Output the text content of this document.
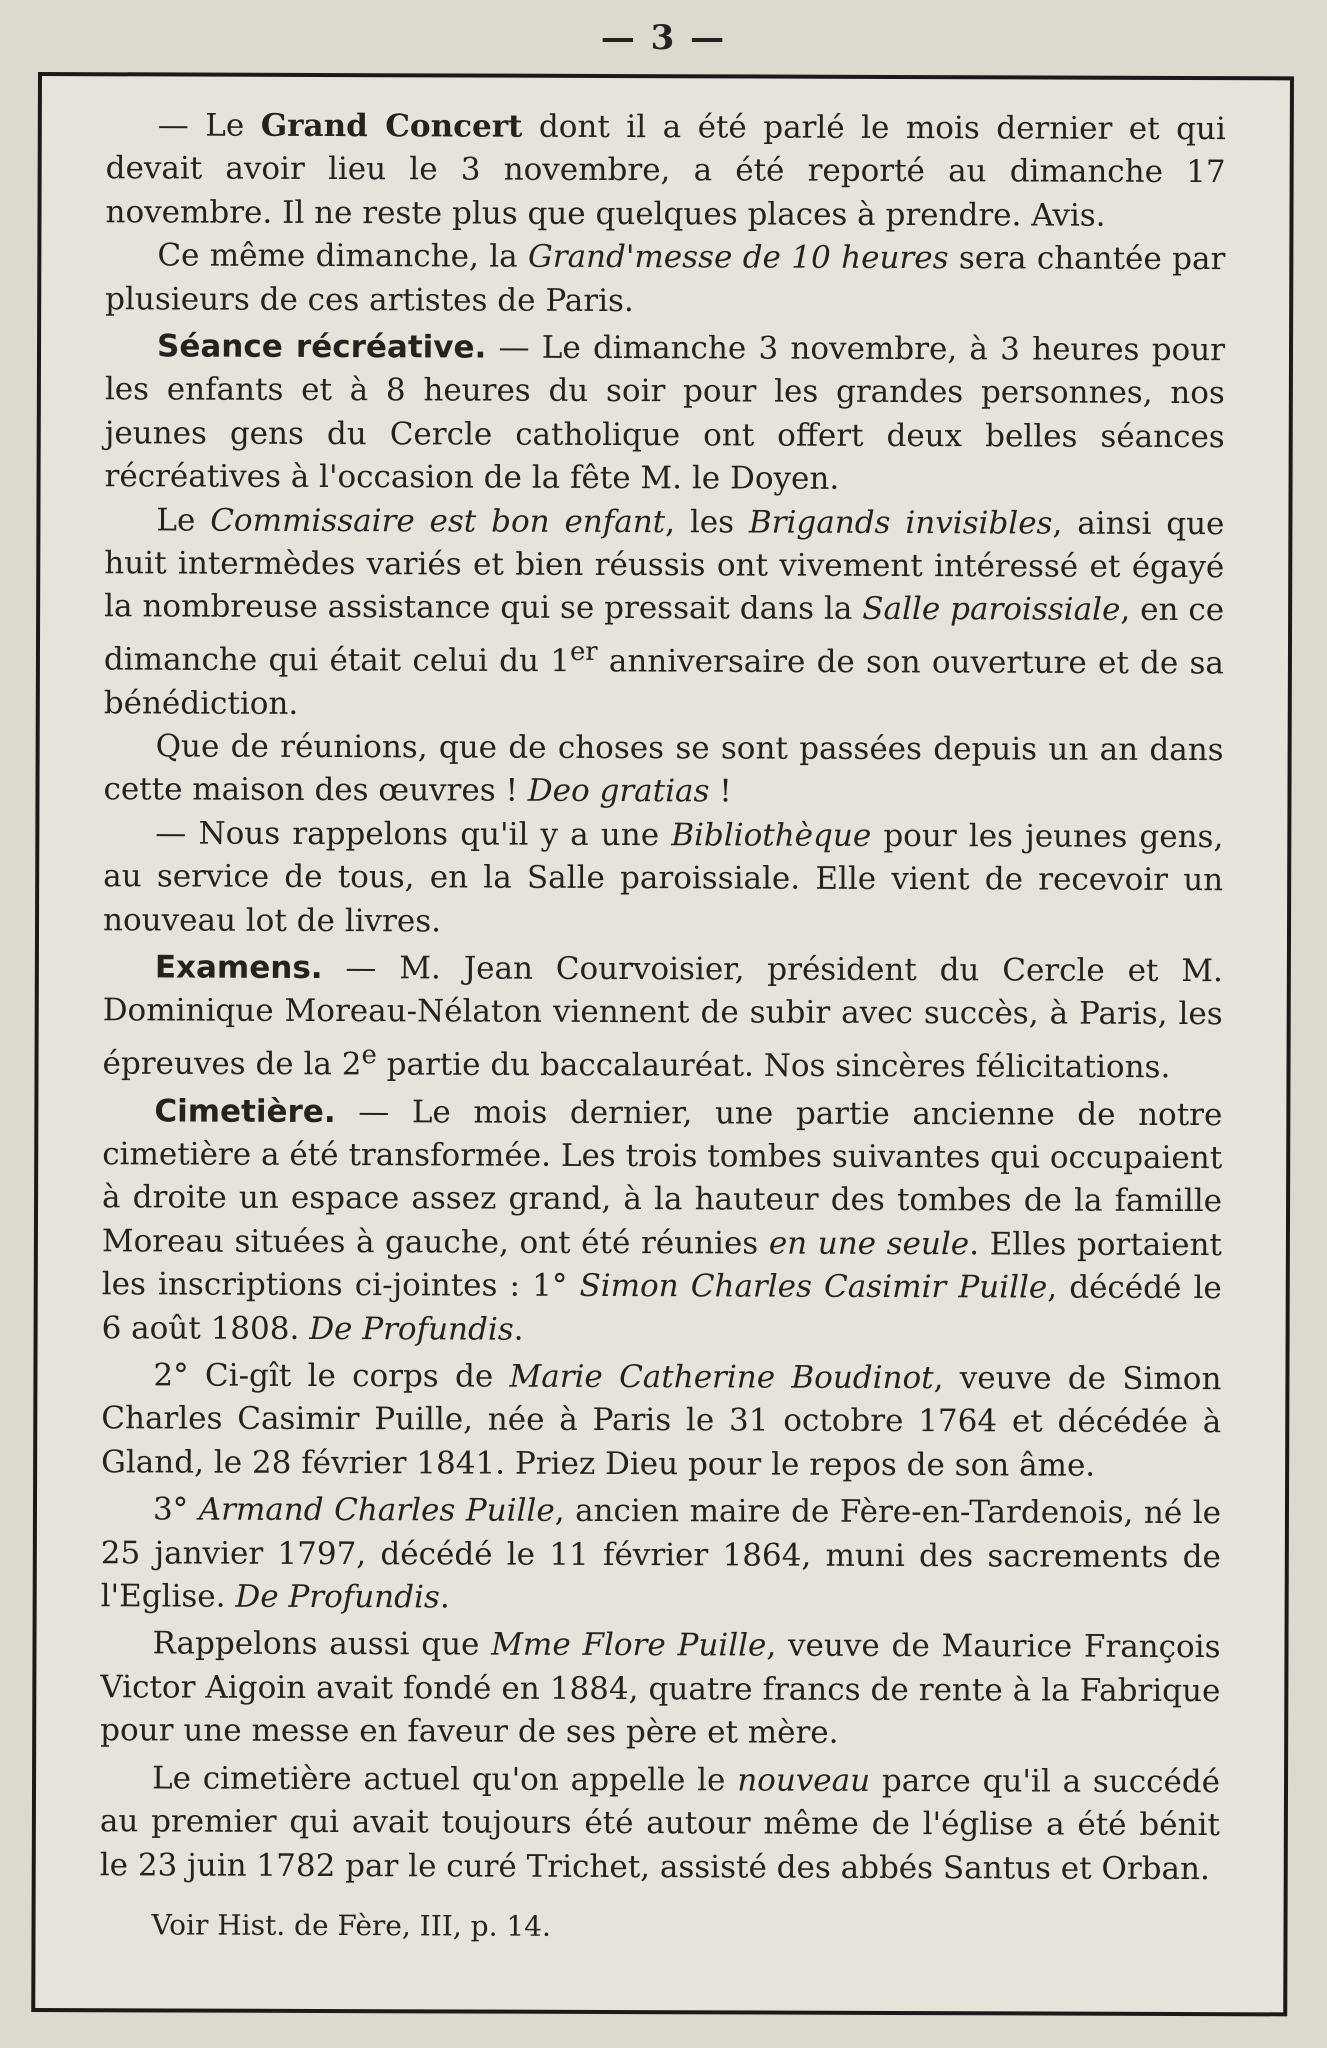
— 3 —

— Le Grand Concert dont il a été parlé le mois dernier et qui devait avoir lieu le 3 novembre, a été reporté au dimanche 17 novembre. Il ne reste plus que quelques places à prendre. Avis.

Ce même dimanche, la Grand'messe de 10 heures sera chantée par plusieurs de ces artistes de Paris.

Séance récréative. — Le dimanche 3 novembre, à 3 heures pour les enfants et à 8 heures du soir pour les grandes personnes, nos jeunes gens du Cercle catholique ont offert deux belles séances récréatives à l'occasion de la fête M. le Doyen.

Le Commissaire est bon enfant, les Brigands invisibles, ainsi que huit intermèdes variés et bien réussis ont vivement intéressé et égayé la nombreuse assistance qui se pressait dans la Salle paroissiale, en ce dimanche qui était celui du 1er anniversaire de son ouverture et de sa bénédiction.

Que de réunions, que de choses se sont passées depuis un an dans cette maison des œuvres ! Deo gratias !

— Nous rappelons qu'il y a une Bibliothèque pour les jeunes gens, au service de tous, en la Salle paroissiale. Elle vient de recevoir un nouveau lot de livres.

Examens. — M. Jean Courvoisier, président du Cercle et M. Dominique Moreau-Nélaton viennent de subir avec succès, à Paris, les épreuves de la 2e partie du baccalauréat. Nos sincères félicitations.

Cimetière. — Le mois dernier, une partie ancienne de notre cimetière a été transformée. Les trois tombes suivantes qui occupaient à droite un espace assez grand, à la hauteur des tombes de la famille Moreau situées à gauche, ont été réunies en une seule. Elles portaient les inscriptions ci-jointes : 1° Simon Charles Casimir Puille, décédé le 6 août 1808. De Profundis.

2° Ci-gît le corps de Marie Catherine Boudinot, veuve de Simon Charles Casimir Puille, née à Paris le 31 octobre 1764 et décédée à Gland, le 28 février 1841. Priez Dieu pour le repos de son âme.

3° Armand Charles Puille, ancien maire de Fère-en-Tardenois, né le 25 janvier 1797, décédé le 11 février 1864, muni des sacrements de l'Eglise. De Profundis.

Rappelons aussi que Mme Flore Puille, veuve de Maurice François Victor Aigoin avait fondé en 1884, quatre francs de rente à la Fabrique pour une messe en faveur de ses père et mère.

Le cimetière actuel qu'on appelle le nouveau parce qu'il a succédé au premier qui avait toujours été autour même de l'église a été bénit le 23 juin 1782 par le curé Trichet, assisté des abbés Santus et Orban.

Voir Hist. de Fère, III, p. 14.
